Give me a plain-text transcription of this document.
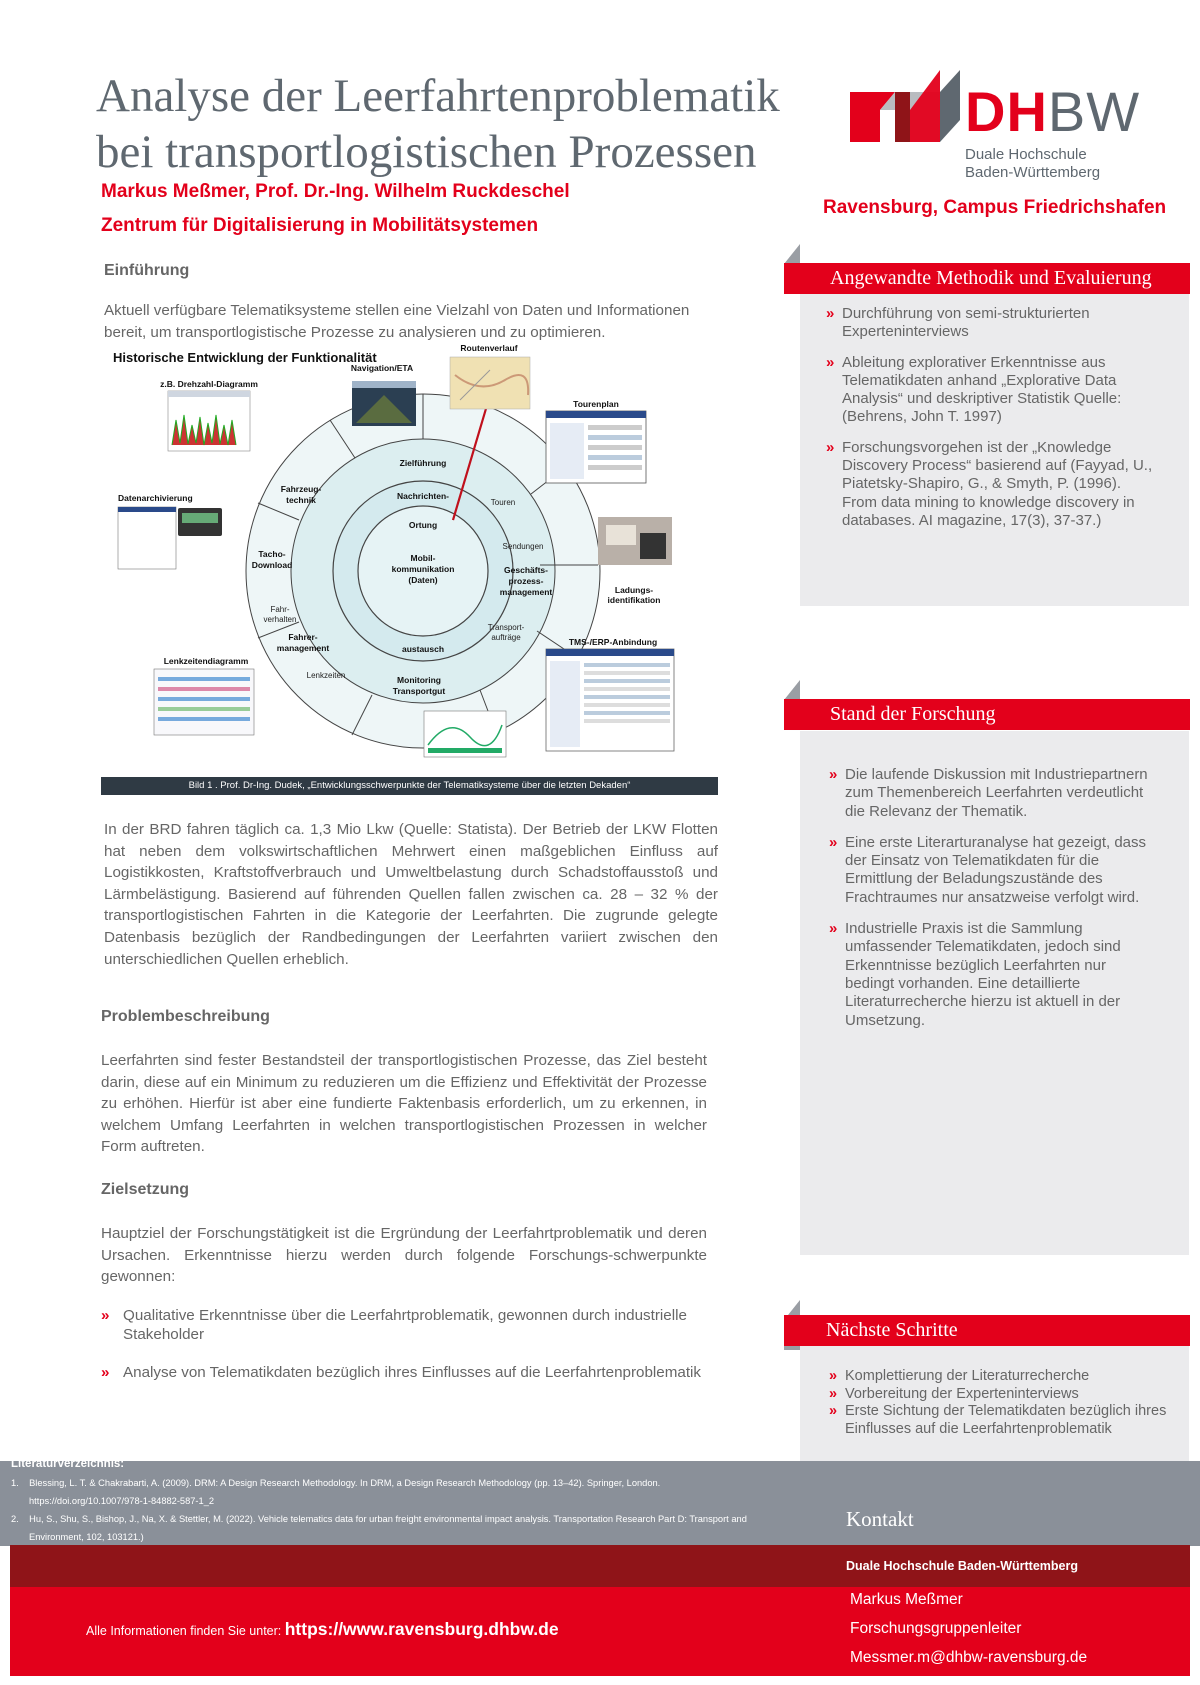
Analyse der Leerfahrtenproblematik
bei transportlogistischen Prozessen
Markus Meßmer, Prof. Dr.-Ing. Wilhelm Ruckdeschel
Zentrum für Digitalisierung in Mobilitätsystemen
DHBW
Duale Hochschule
Baden-Württemberg
Ravensburg, Campus Friedrichshafen
Einführung
Aktuell verfügbare Telematiksysteme stellen eine Vielzahl von Daten und Informationen bereit, um transportlogistische Prozesse zu analysieren und zu optimieren.
Historische Entwicklung der Funktionalität
Mobil-
kommunikation
(Daten)
Ortung
Nachrichten-
austausch
Zielführung
Fahrzeug-
technik
Tacho-
Download
Fahrer-
management
Monitoring
Transportgut
Geschäfts-
prozess-
management
Touren
Sendungen
Transport-
aufträge
Lenkzeiten
Fahr-
verhalten
Navigation/ETA
Routenverlauf
z.B. Drehzahl-Diagramm
Tourenplan
Datenarchivierung
Ladungs-
identifikation
TMS-/ERP-Anbindung
Lenkzeitendiagramm
Bild 1 . Prof. Dr-Ing. Dudek, „Entwicklungsschwerpunkte der Telematiksysteme über die letzten Dekaden“
In der BRD fahren täglich ca. 1,3 Mio Lkw (Quelle: Statista). Der Betrieb der LKW Flotten hat neben dem volkswirtschaftlichen Mehrwert einen maßgeblichen Einfluss auf Logistikkosten, Kraftstoffverbrauch und Umweltbelastung durch Schadstoffausstoß und Lärmbelästigung. Basierend auf führenden Quellen fallen zwischen ca. 28 – 32 % der transportlogistischen Fahrten in die Kategorie der Leerfahrten. Die zugrunde gelegte Datenbasis bezüglich der Randbedingungen der Leerfahrten variiert zwischen den unterschiedlichen Quellen erheblich.
Problembeschreibung
Leerfahrten sind fester Bestandsteil der transportlogistischen Prozesse, das Ziel besteht darin, diese auf ein Minimum zu reduzieren um die Effizienz und Effektivität der Prozesse zu erhöhen. Hierfür ist aber eine fundierte Faktenbasis erforderlich, um zu erkennen, in welchem Umfang Leerfahrten in welchen transportlogistischen Prozessen in welcher Form auftreten.
Zielsetzung
Hauptziel der Forschungstätigkeit ist die Ergründung der Leerfahrtproblematik und deren Ursachen. Erkenntnisse hierzu werden durch folgende Forschungs-schwerpunkte gewonnen:
» Qualitative Erkenntnisse über die Leerfahrtproblematik, gewonnen durch industrielle Stakeholder
» Analyse von Telematikdaten bezüglich ihres Einflusses auf die Leerfahrtenproblematik
Angewandte Methodik und Evaluierung
» Durchführung von semi-strukturierten Experteninterviews
» Ableitung explorativer Erkenntnisse aus Telematikdaten anhand „Explorative Data Analysis“ und deskriptiver Statistik Quelle: (Behrens, John T. 1997)
» Forschungsvorgehen ist der „Knowledge Discovery Process“ basierend auf (Fayyad, U., Piatetsky-Shapiro, G., & Smyth, P. (1996). From data mining to knowledge discovery in databases. AI magazine, 17(3), 37-37.)
Stand der Forschung
» Die laufende Diskussion mit Industriepartnern zum Themenbereich Leerfahrten verdeutlicht die Relevanz der Thematik.
» Eine erste Literarturanalyse hat gezeigt, dass der Einsatz von Telematikdaten für die Ermittlung der Beladungszustände des Frachtraumes nur ansatzweise verfolgt wird.
» Industrielle Praxis ist die Sammlung umfassender Telematikdaten, jedoch sind Erkenntnisse bezüglich Leerfahrten nur bedingt vorhanden. Eine detaillierte Literaturrecherche hierzu ist aktuell in der Umsetzung.
Nächste Schritte
» Komplettierung der Literaturrecherche
» Vorbereitung der Experteninterviews
» Erste Sichtung der Telematikdaten bezüglich ihres Einflusses auf die Leerfahrtenproblematik
Literaturverzeichnis:
1. Blessing, L. T. & Chakrabarti, A. (2009). DRM: A Design Research Methodology. In DRM, a Design Research Methodology (pp. 13–42). Springer, London.
https://doi.org/10.1007/978-1-84882-587-1_2
2. Hu, S., Shu, S., Bishop, J., Na, X. & Stettler, M. (2022). Vehicle telematics data for urban freight environmental impact analysis. Transportation Research Part D: Transport and
Environment, 102, 103121.)
Kontakt
Duale Hochschule Baden-Württemberg
Alle Informationen finden Sie unter: https://www.ravensburg.dhbw.de
Markus Meßmer
Forschungsgruppenleiter
Messmer.m@dhbw-ravensburg.de
